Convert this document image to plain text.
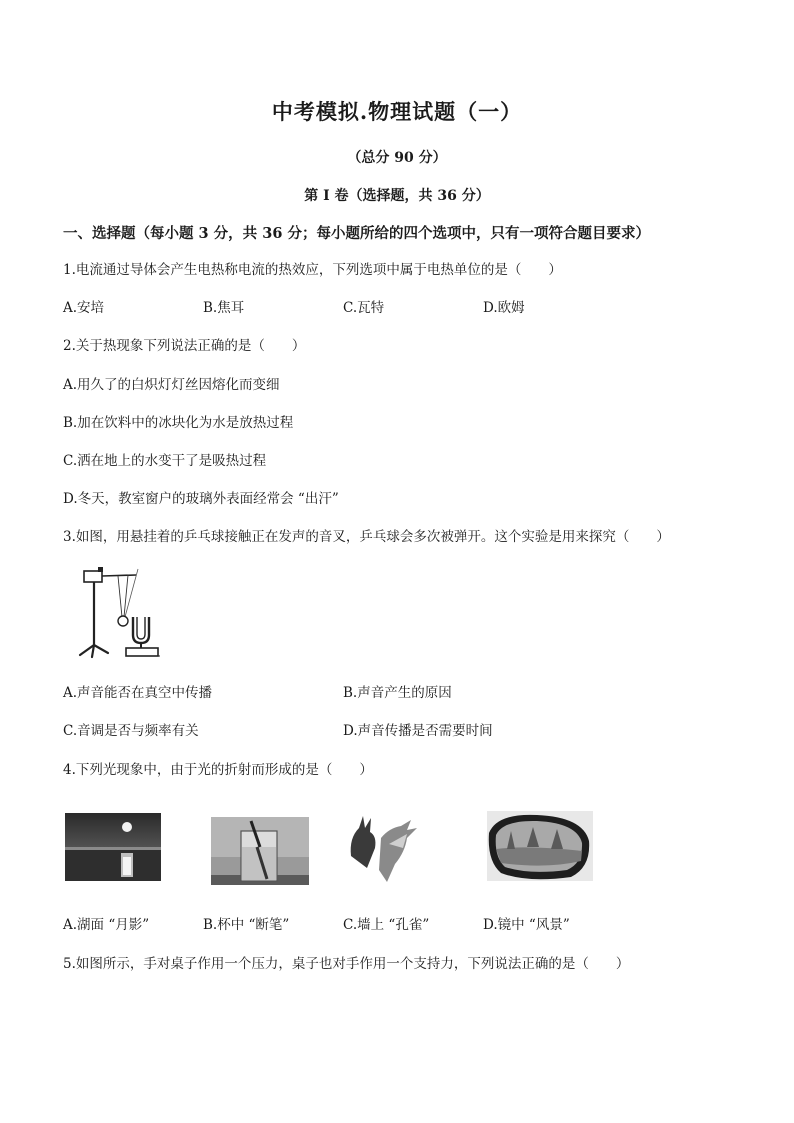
中考模拟.物理试题（一）
（总分 90 分）
第 I 卷（选择题，共 36 分）
一、选择题（每小题 3 分，共 36 分；每小题所给的四个选项中，只有一项符合题目要求）
1.电流通过导体会产生电热称电流的热效应，下列选项中属于电热单位的是（　　）
A.安培	B.焦耳	C.瓦特	D.欧姆
2.关于热现象下列说法正确的是（　　）
A.用久了的白炽灯灯丝因熔化而变细
B.加在饮料中的冰块化为水是放热过程
C.洒在地上的水变干了是吸热过程
D.冬天，教室窗户的玻璃外表面经常会 “出汗”
3.如图，用悬挂着的乒乓球接触正在发声的音叉，乒乓球会多次被弹开。这个实验是用来探究（　　）
A.声音能否在真空中传播	B.声音产生的原因
C.音调是否与频率有关	D.声音传播是否需要时间
4.下列光现象中，由于光的折射而形成的是（　　）
A.湖面 “月影”	B.杯中 “断笔”	C.墙上 “孔雀”	D.镜中 “风景”
5.如图所示，手对桌子作用一个压力，桌子也对手作用一个支持力，下列说法正确的是（　　）
